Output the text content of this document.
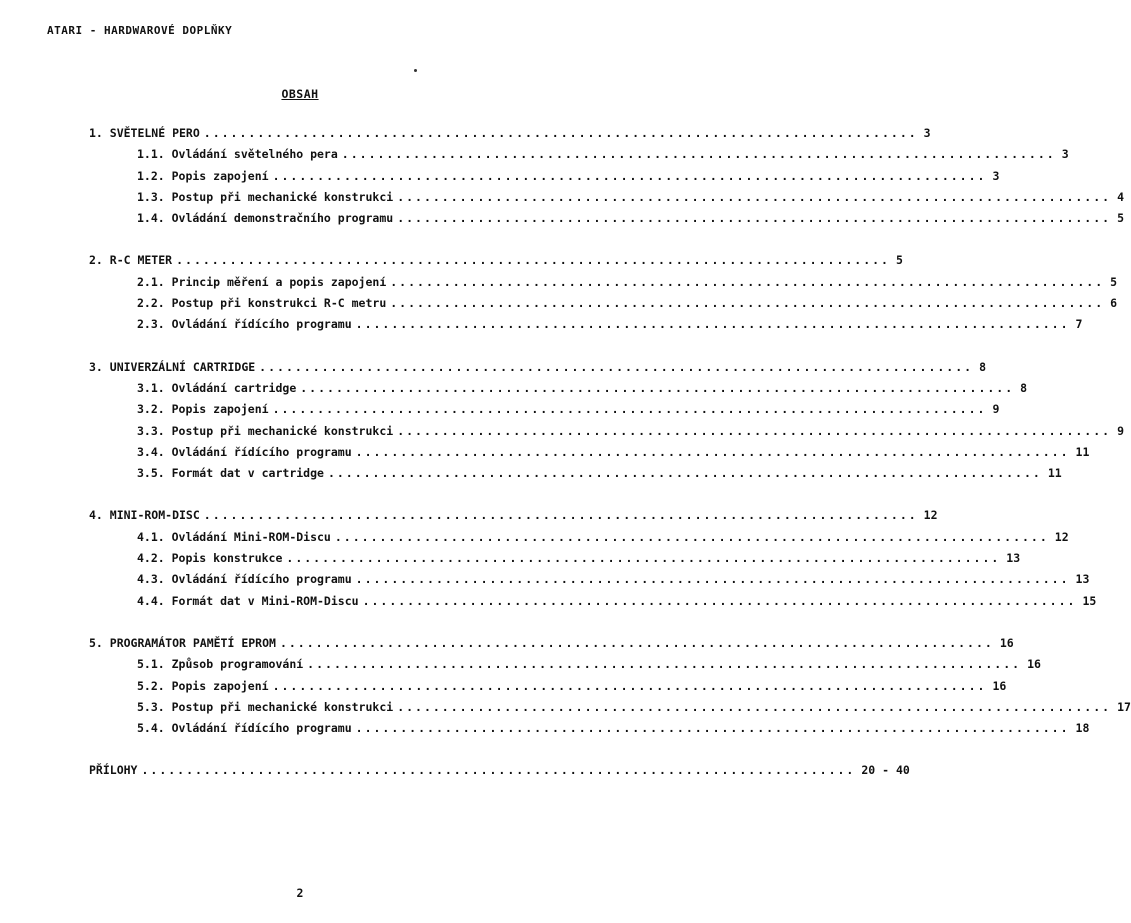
ATARI - HARDWAROVÉ DOPLŇKY
OBSAH
1. SVĚTELNÉ PERO ................................................................................ 3
1.1. Ovládání světelného pera ................................................................................ 3
1.2. Popis zapojení ................................................................................ 3
1.3. Postup při mechanické konstrukci ................................................................................ 4
1.4. Ovládání demonstračního programu ................................................................................ 5
2. R-C METER ................................................................................ 5
2.1. Princip měření a popis zapojení ................................................................................ 5
2.2. Postup při konstrukci R-C metru ................................................................................ 6
2.3. Ovládání řídícího programu ................................................................................ 7
3. UNIVERZÁLNÍ CARTRIDGE ................................................................................ 8
3.1. Ovládání cartridge ................................................................................ 8
3.2. Popis zapojení ................................................................................ 9
3.3. Postup při mechanické konstrukci ................................................................................ 9
3.4. Ovládání řídícího programu ................................................................................ 11
3.5. Formát dat v cartridge ................................................................................ 11
4. MINI-ROM-DISC ................................................................................ 12
4.1. Ovládání Mini-ROM-Discu ................................................................................ 12
4.2. Popis konstrukce ................................................................................ 13
4.3. Ovládání řídícího programu ................................................................................ 13
4.4. Formát dat v Mini-ROM-Discu ................................................................................ 15
5. PROGRAMÁTOR PAMĚTÍ EPROM ................................................................................ 16
5.1. Způsob programování ................................................................................ 16
5.2. Popis zapojení ................................................................................ 16
5.3. Postup při mechanické konstrukci ................................................................................ 17
5.4. Ovládání řídícího programu ................................................................................ 18
PŘÍLOHY ................................................................................ 20 - 40
2
